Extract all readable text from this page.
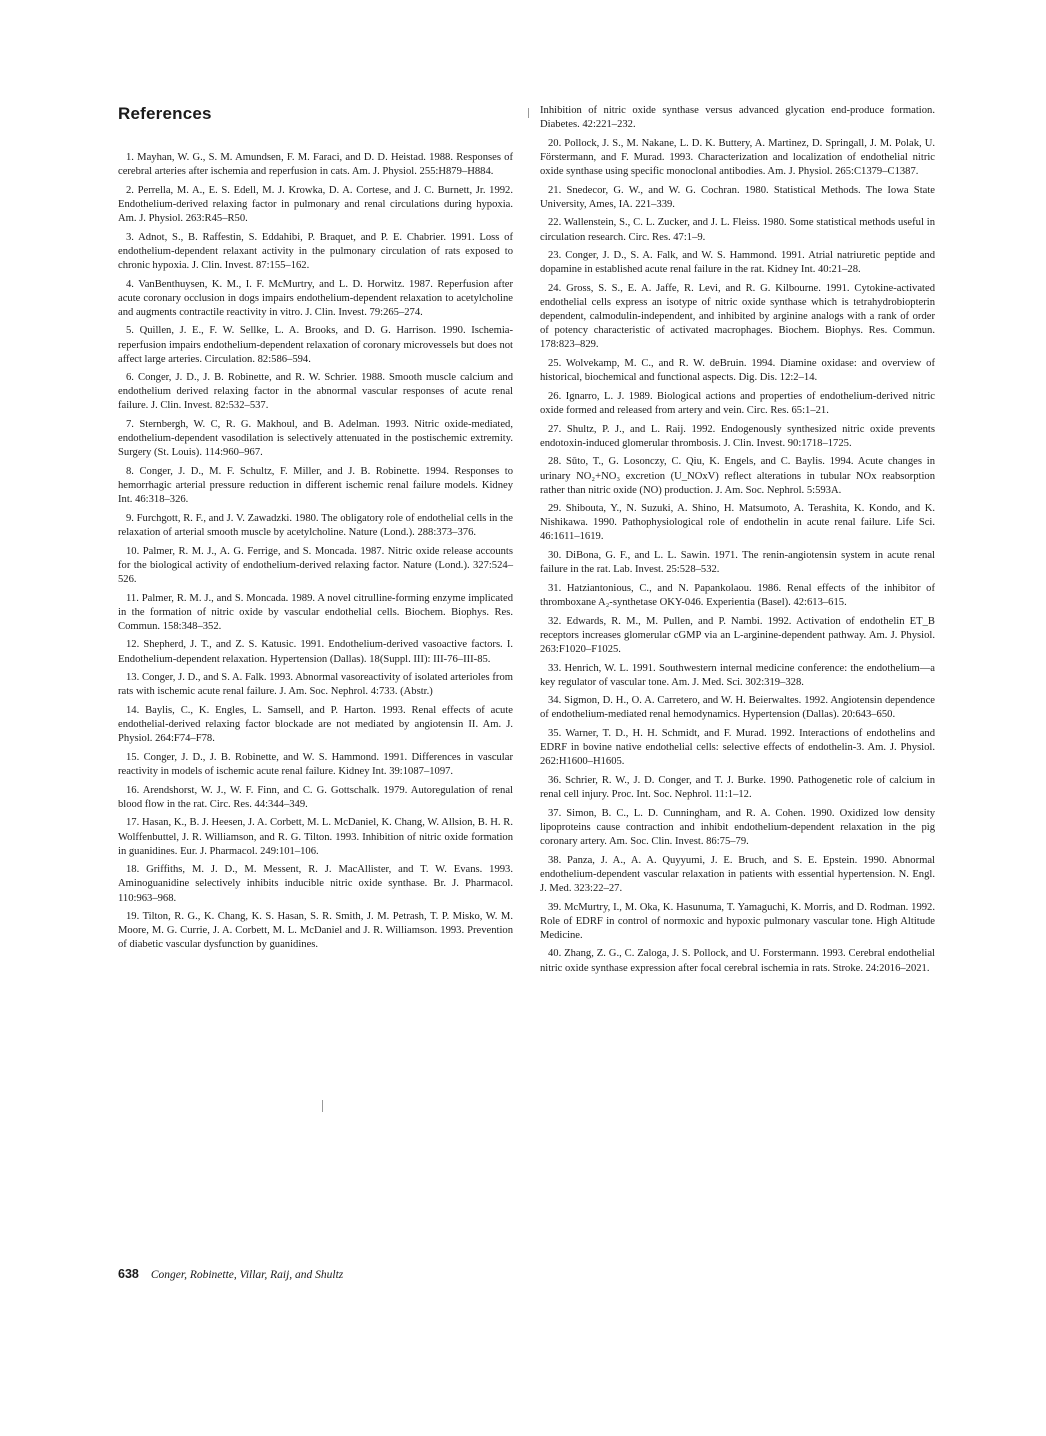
References

1. Mayhan, W. G., S. M. Amundsen, F. M. Faraci, and D. D. Heistad. 1988. Responses of cerebral arteries after ischemia and reperfusion in cats. Am. J. Physiol. 255:H879–H884.

2. Perrella, M. A., E. S. Edell, M. J. Krowka, D. A. Cortese, and J. C. Burnett, Jr. 1992. Endothelium-derived relaxing factor in pulmonary and renal circulations during hypoxia. Am. J. Physiol. 263:R45–R50.

3. Adnot, S., B. Raffestin, S. Eddahibi, P. Braquet, and P. E. Chabrier. 1991. Loss of endothelium-dependent relaxant activity in the pulmonary circulation of rats exposed to chronic hypoxia. J. Clin. Invest. 87:155–162.

4. VanBenthuysen, K. M., I. F. McMurtry, and L. D. Horwitz. 1987. Reperfusion after acute coronary occlusion in dogs impairs endothelium-dependent relaxation to acetylcholine and augments contractile reactivity in vitro. J. Clin. Invest. 79:265–274.

5. Quillen, J. E., F. W. Sellke, L. A. Brooks, and D. G. Harrison. 1990. Ischemia-reperfusion impairs endothelium-dependent relaxation of coronary microvessels but does not affect large arteries. Circulation. 82:586–594.

6. Conger, J. D., J. B. Robinette, and R. W. Schrier. 1988. Smooth muscle calcium and endothelium derived relaxing factor in the abnormal vascular responses of acute renal failure. J. Clin. Invest. 82:532–537.

7. Sternbergh, W. C, R. G. Makhoul, and B. Adelman. 1993. Nitric oxide-mediated, endothelium-dependent vasodilation is selectively attenuated in the postischemic extremity. Surgery (St. Louis). 114:960–967.

8. Conger, J. D., M. F. Schultz, F. Miller, and J. B. Robinette. 1994. Responses to hemorrhagic arterial pressure reduction in different ischemic renal failure models. Kidney Int. 46:318–326.

9. Furchgott, R. F., and J. V. Zawadzki. 1980. The obligatory role of endothelial cells in the relaxation of arterial smooth muscle by acetylcholine. Nature (Lond.). 288:373–376.

10. Palmer, R. M. J., A. G. Ferrige, and S. Moncada. 1987. Nitric oxide release accounts for the biological activity of endothelium-derived relaxing factor. Nature (Lond.). 327:524–526.

11. Palmer, R. M. J., and S. Moncada. 1989. A novel citrulline-forming enzyme implicated in the formation of nitric oxide by vascular endothelial cells. Biochem. Biophys. Res. Commun. 158:348–352.

12. Shepherd, J. T., and Z. S. Katusic. 1991. Endothelium-derived vasoactive factors. I. Endothelium-dependent relaxation. Hypertension (Dallas). 18(Suppl. III): III-76–III-85.

13. Conger, J. D., and S. A. Falk. 1993. Abnormal vasoreactivity of isolated arterioles from rats with ischemic acute renal failure. J. Am. Soc. Nephrol. 4:733. (Abstr.)

14. Baylis, C., K. Engles, L. Samsell, and P. Harton. 1993. Renal effects of acute endothelial-derived relaxing factor blockade are not mediated by angiotensin II. Am. J. Physiol. 264:F74–F78.

15. Conger, J. D., J. B. Robinette, and W. S. Hammond. 1991. Differences in vascular reactivity in models of ischemic acute renal failure. Kidney Int. 39:1087–1097.

16. Arendshorst, W. J., W. F. Finn, and C. G. Gottschalk. 1979. Autoregulation of renal blood flow in the rat. Circ. Res. 44:344–349.

17. Hasan, K., B. J. Heesen, J. A. Corbett, M. L. McDaniel, K. Chang, W. Allsion, B. H. R. Wolffenbuttel, J. R. Williamson, and R. G. Tilton. 1993. Inhibition of nitric oxide formation in guanidines. Eur. J. Pharmacol. 249:101–106.

18. Griffiths, M. J. D., M. Messent, R. J. MacAllister, and T. W. Evans. 1993. Aminoguanidine selectively inhibits inducible nitric oxide synthase. Br. J. Pharmacol. 110:963–968.

19. Tilton, R. G., K. Chang, K. S. Hasan, S. R. Smith, J. M. Petrash, T. P. Misko, W. M. Moore, M. G. Currie, J. A. Corbett, M. L. McDaniel and J. R. Williamson. 1993. Prevention of diabetic vascular dysfunction by guanidines.

Inhibition of nitric oxide synthase versus advanced glycation end-produce formation. Diabetes. 42:221–232.

20. Pollock, J. S., M. Nakane, L. D. K. Buttery, A. Martinez, D. Springall, J. M. Polak, U. Förstermann, and F. Murad. 1993. Characterization and localization of endothelial nitric oxide synthase using specific monoclonal antibodies. Am. J. Physiol. 265:C1379–C1387.

21. Snedecor, G. W., and W. G. Cochran. 1980. Statistical Methods. The Iowa State University, Ames, IA. 221–339.

22. Wallenstein, S., C. L. Zucker, and J. L. Fleiss. 1980. Some statistical methods useful in circulation research. Circ. Res. 47:1–9.

23. Conger, J. D., S. A. Falk, and W. S. Hammond. 1991. Atrial natriuretic peptide and dopamine in established acute renal failure in the rat. Kidney Int. 40:21–28.

24. Gross, S. S., E. A. Jaffe, R. Levi, and R. G. Kilbourne. 1991. Cytokine-activated endothelial cells express an isotype of nitric oxide synthase which is tetrahydrobiopterin dependent, calmodulin-independent, and inhibited by arginine analogs with a rank of order of potency characteristic of activated macrophages. Biochem. Biophys. Res. Commun. 178:823–829.

25. Wolvekamp, M. C., and R. W. deBruin. 1994. Diamine oxidase: and overview of historical, biochemical and functional aspects. Dig. Dis. 12:2–14.

26. Ignarro, L. J. 1989. Biological actions and properties of endothelium-derived nitric oxide formed and released from artery and vein. Circ. Res. 65:1–21.

27. Shultz, P. J., and L. Raij. 1992. Endogenously synthesized nitric oxide prevents endotoxin-induced glomerular thrombosis. J. Clin. Invest. 90:1718–1725.

28. Sūto, T., G. Losonczy, C. Qiu, K. Engels, and C. Baylis. 1994. Acute changes in urinary NO₂+NO₃ excretion (U_NOxV) reflect alterations in tubular NOx reabsorption rather than nitric oxide (NO) production. J. Am. Soc. Nephrol. 5:593A.

29. Shibouta, Y., N. Suzuki, A. Shino, H. Matsumoto, A. Terashita, K. Kondo, and K. Nishikawa. 1990. Pathophysiological role of endothelin in acute renal failure. Life Sci. 46:1611–1619.

30. DiBona, G. F., and L. L. Sawin. 1971. The renin-angiotensin system in acute renal failure in the rat. Lab. Invest. 25:528–532.

31. Hatziantonious, C., and N. Papankolaou. 1986. Renal effects of the inhibitor of thromboxane A₂-synthetase OKY-046. Experientia (Basel). 42:613–615.

32. Edwards, R. M., M. Pullen, and P. Nambi. 1992. Activation of endothelin ET_B receptors increases glomerular cGMP via an L-arginine-dependent pathway. Am. J. Physiol. 263:F1020–F1025.

33. Henrich, W. L. 1991. Southwestern internal medicine conference: the endothelium—a key regulator of vascular tone. Am. J. Med. Sci. 302:319–328.

34. Sigmon, D. H., O. A. Carretero, and W. H. Beierwaltes. 1992. Angiotensin dependence of endothelium-mediated renal hemodynamics. Hypertension (Dallas). 20:643–650.

35. Warner, T. D., H. H. Schmidt, and F. Murad. 1992. Interactions of endothelins and EDRF in bovine native endothelial cells: selective effects of endothelin-3. Am. J. Physiol. 262:H1600–H1605.

36. Schrier, R. W., J. D. Conger, and T. J. Burke. 1990. Pathogenetic role of calcium in renal cell injury. Proc. Int. Soc. Nephrol. 11:1–12.

37. Simon, B. C., L. D. Cunningham, and R. A. Cohen. 1990. Oxidized low density lipoproteins cause contraction and inhibit endothelium-dependent relaxation in the pig coronary artery. Am. Soc. Clin. Invest. 86:75–79.

38. Panza, J. A., A. A. Quyyumi, J. E. Bruch, and S. E. Epstein. 1990. Abnormal endothelium-dependent vascular relaxation in patients with essential hypertension. N. Engl. J. Med. 323:22–27.

39. McMurtry, I., M. Oka, K. Hasunuma, T. Yamaguchi, K. Morris, and D. Rodman. 1992. Role of EDRF in control of normoxic and hypoxic pulmonary vascular tone. High Altitude Medicine.

40. Zhang, Z. G., C. Zaloga, J. S. Pollock, and U. Forstermann. 1993. Cerebral endothelial nitric oxide synthase expression after focal cerebral ischemia in rats. Stroke. 24:2016–2021.

638 Conger, Robinette, Villar, Raij, and Shultz
